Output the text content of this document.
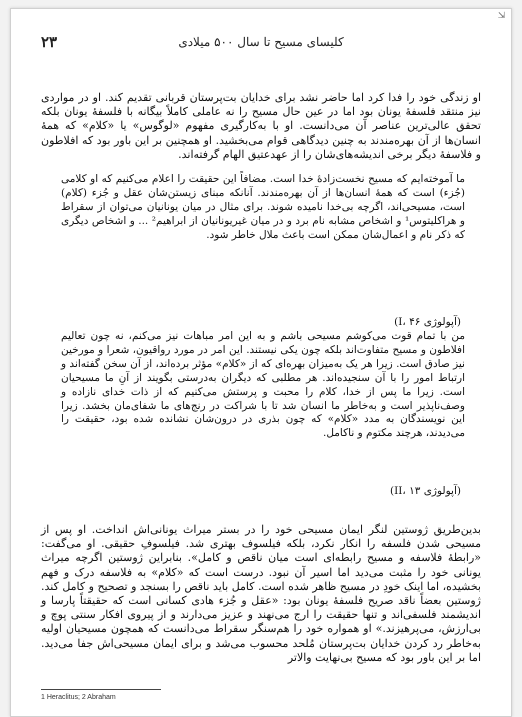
⇲
۲۳	کلیسای مسیح تا سال ۵۰۰ میلادی
او زندگی خود را فدا کرد اما حاضر نشد برای خدایان بت‌پرستان قربانی تقدیم کند. او در مواردی نیز منتقد فلسفهٔ یونان بود اما در عین حال مسیح را نه عاملی کاملاً بیگانه با فلسفهٔ یونان بلکه تحقق عالی‌ترین عناصر آن می‌دانست. او با به‌کارگیری مفهوم «لوگوس» یا «کلام» که همهٔ انسان‌ها از آن بهره‌مندند به چنین دیدگاهی قوام می‌بخشید. او همچنین بر این باور بود که افلاطون و فلاسفهٔ دیگر برخی اندیشه‌های‌شان را از عهدعتیق الهام گرفته‌اند.
ما آموخته‌ایم که مسیح نخست‌زادهٔ خدا است. مضافاً این حقیقت را اعلام می‌کنیم که او کلامی (جُزء) است که همهٔ انسان‌ها از آن بهره‌مندند. آنانکه مبنای زیستن‌شان عقل و جُزء (کلام) است، مسیحی‌اند، اگرچه بی‌خدا نامیده شوند. برای مثال در میان یونانیان می‌توان از سقراط و هراکلیتوس¹ و اشخاص مشابه نام برد و در میان غیریونانیان از ابراهیم² ... و اشخاص دیگری که ذکر نام و اعمال‌شان ممکن است باعث ملال خاطر شود.
(آپولوژی I، ۴۶)
من با تمام قوت می‌کوشم مسیحی باشم و به این امر مباهات نیز می‌کنم، نه چون تعالیم افلاطون و مسیح متفاوت‌اند بلکه چون یکی نیستند. این امر در مورد رواقیون، شعرا و مورخین نیز صادق است. زیرا هر یک به‌میزان بهره‌ای که از «کلام» مؤثر برده‌اند، از آن سخن گفته‌اند و ارتباط امور را با آن سنجیده‌اند. هر مطلبی که دیگران به‌درستی بگویند از آنِ ما مسیحیان است. زیرا ما پس از خدا، کلام را محبت و پرستش می‌کنیم که از ذات خدای نازاده و وصف‌ناپذیر است و به‌خاطر ما انسان شد تا با شراکت در رنج‌های ما شفای‌مان بخشد. زیرا این نویسندگان به مدد «کلام» که چون بذری در درون‌شان نشانده شده بود، حقیقت را می‌دیدند، هرچند مکتوم و ناکامل.
(آپولوژی II، ۱۳)
بدین‌طریق ژوستین لنگر ایمان مسیحی خود را در بستر میراث یونانی‌اش انداخت. او پس از مسیحی شدن فلسفه را انکار نکرد، بلکه فیلسوف بهتری شد. فیلسوفِ حقیقی. او می‌گفت: «رابطهٔ فلاسفه و مسیح رابطه‌ای است میان ناقص و کامل». بنابراین ژوستین اگرچه میراث یونانی خود را مثبت می‌دید اما اسیر آن نبود. درست است که «کلام» به فلاسفه درک و فهم بخشیده، اما اینک خودِ در مسیح ظاهر شده است. کامل باید ناقص را بسنجد و تصحیح و کامل کند. ژوستین بعضاً ناقد صریح فلسفهٔ یونان بود: «عقل و جُزء هادی کسانی است که حقیقتاً پارسا و اندیشمند فلسفی‌اند و تنها حقیقت را ارج می‌نهند و عزیز می‌دارند و از پیروی افکار سنتی پوچ و بی‌ارزش، می‌پرهیزند.» او همواره خود را هم‌سنگر سقراط می‌دانست که همچون مسیحیان اولیه به‌خاطر رد کردن خدایان بت‌پرستان مُلحد محسوب می‌شد و برای ایمان مسیحی‌اش جفا می‌دید. اما بر این باور بود که مسیح بی‌نهایت والاتر
1 Heraclitus; 2 Abraham
